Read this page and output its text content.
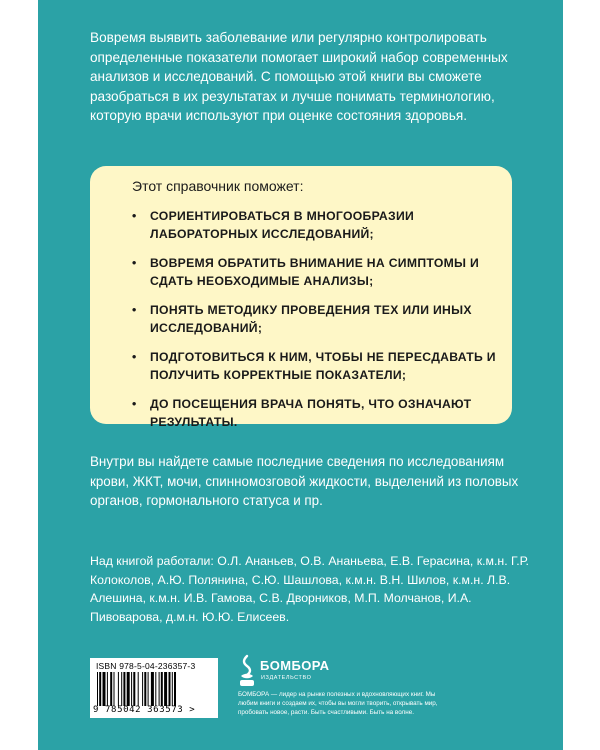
Вовремя выявить заболевание или регулярно контролировать определенные показатели помогает широкий набор современных анализов и исследований. С помощью этой книги вы сможете разобраться в их результатах и лучше понимать терминологию, которую врачи используют при оценке состояния здоровья.

Этот справочник поможет:

• СОРИЕНТИРОВАТЬСЯ В МНОГООБРАЗИИ ЛАБОРАТОРНЫХ ИССЛЕДОВАНИЙ;
• ВОВРЕМЯ ОБРАТИТЬ ВНИМАНИЕ НА СИМПТОМЫ И СДАТЬ НЕОБХОДИМЫЕ АНАЛИЗЫ;
• ПОНЯТЬ МЕТОДИКУ ПРОВЕДЕНИЯ ТЕХ ИЛИ ИНЫХ ИССЛЕДОВАНИЙ;
• ПОДГОТОВИТЬСЯ К НИМ, ЧТОБЫ НЕ ПЕРЕСДАВАТЬ И ПОЛУЧИТЬ КОРРЕКТНЫЕ ПОКАЗАТЕЛИ;
• ДО ПОСЕЩЕНИЯ ВРАЧА ПОНЯТЬ, ЧТО ОЗНАЧАЮТ РЕЗУЛЬТАТЫ.

Внутри вы найдете самые последние сведения по исследованиям крови, ЖКТ, мочи, спинномозговой жидкости, выделений из половых органов, гормонального статуса и пр.

Над книгой работали: О.Л. Ананьев, О.В. Ананьева, Е.В. Герасина, к.м.н. Г.Р. Колоколов, А.Ю. Полянина, С.Ю. Шашлова, к.м.н. В.Н. Шилов, к.м.н. Л.В. Алешина, к.м.н. И.В. Гамова, С.В. Дворников, М.П. Молчанов, И.А. Пивоварова, д.м.н. Ю.Ю. Елисеев.

ISBN 978-5-04-236357-3
9 785042 363573 >
БОМБОРА
ИЗДАТЕЛЬСТВО

БОМБОРА — лидер на рынке полезных и вдохновляющих книг. Мы любим книги и создаем их, чтобы вы могли творить, открывать мир, пробовать новое, расти. Быть счастливыми. Быть на волне.
